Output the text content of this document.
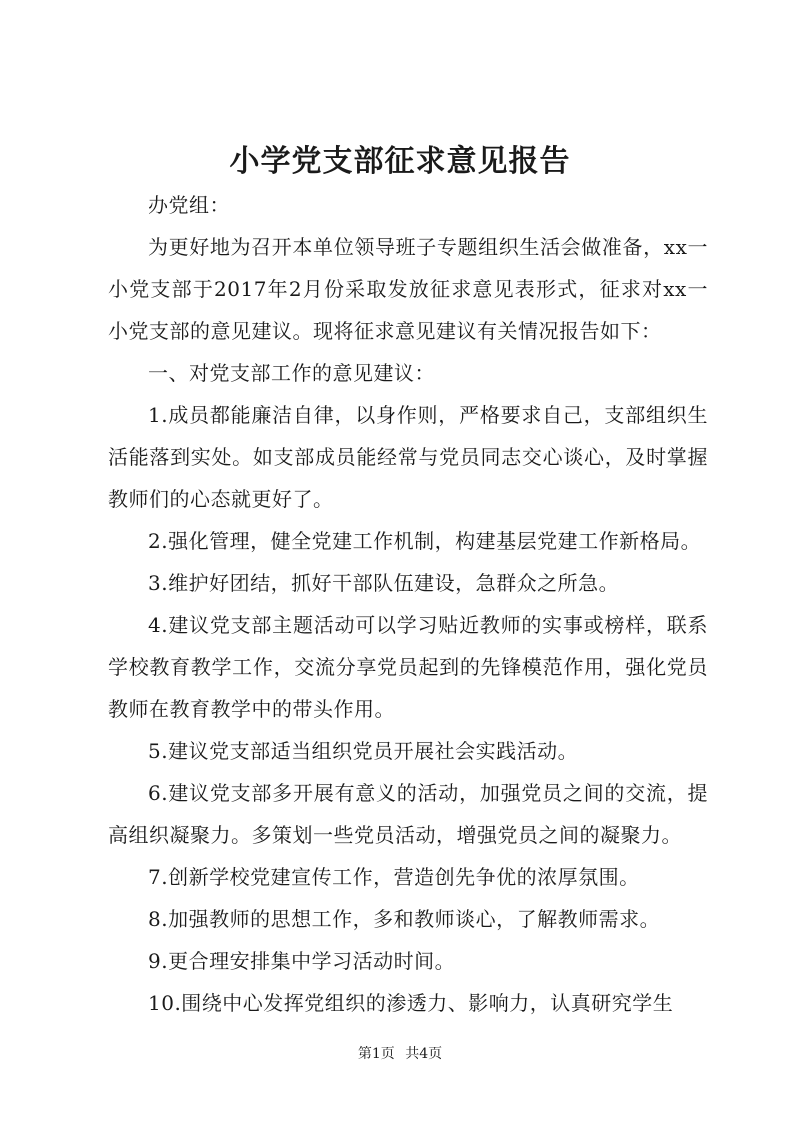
小学党支部征求意见报告

办党组：

为更好地为召开本单位领导班子专题组织生活会做准备，xx一小党支部于2017年2月份采取发放征求意见表形式，征求对xx一小党支部的意见建议。现将征求意见建议有关情况报告如下：

一、对党支部工作的意见建议：

1.成员都能廉洁自律，以身作则，严格要求自己，支部组织生活能落到实处。如支部成员能经常与党员同志交心谈心，及时掌握教师们的心态就更好了。

2.强化管理，健全党建工作机制，构建基层党建工作新格局。

3.维护好团结，抓好干部队伍建设，急群众之所急。

4.建议党支部主题活动可以学习贴近教师的实事或榜样，联系学校教育教学工作，交流分享党员起到的先锋模范作用，强化党员教师在教育教学中的带头作用。

5.建议党支部适当组织党员开展社会实践活动。

6.建议党支部多开展有意义的活动，加强党员之间的交流，提高组织凝聚力。多策划一些党员活动，增强党员之间的凝聚力。

7.创新学校党建宣传工作，营造创先争优的浓厚氛围。

8.加强教师的思想工作，多和教师谈心，了解教师需求。

9.更合理安排集中学习活动时间。

10.围绕中心发挥党组织的渗透力、影响力，认真研究学生

第1页 共4页
